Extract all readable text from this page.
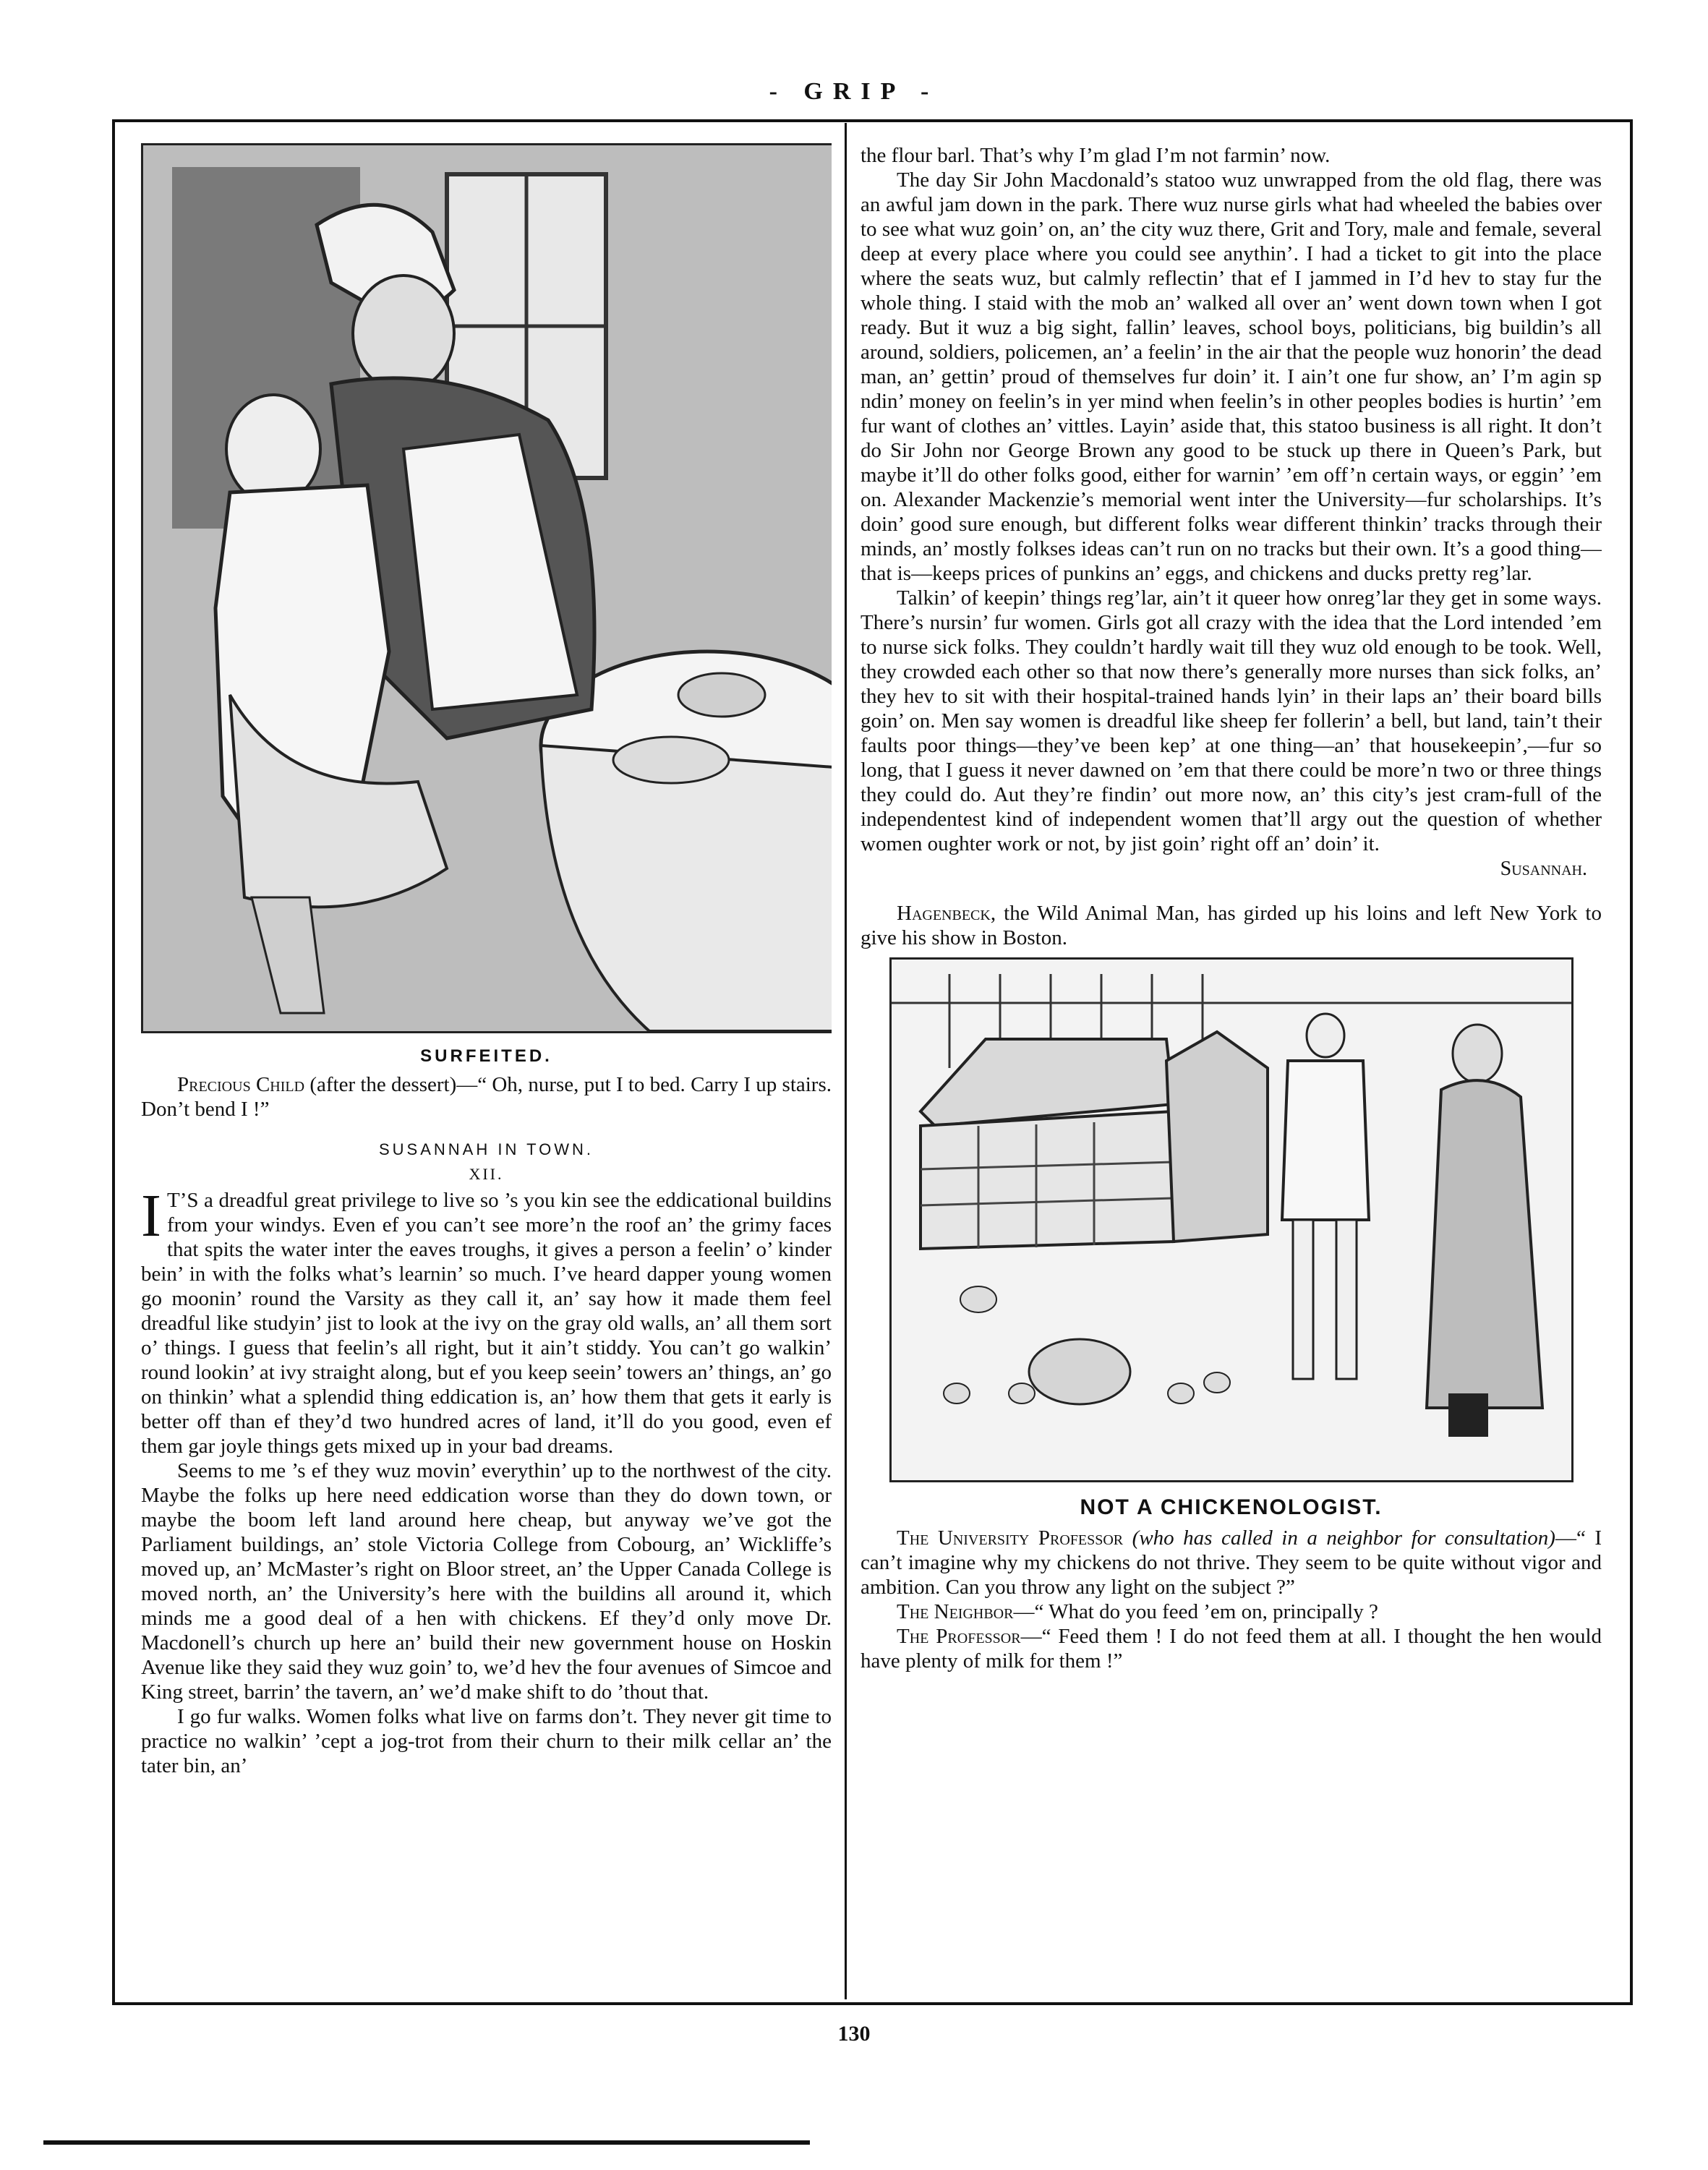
- GRIP -
SURFEITED.

Precious Child (after the dessert)—“ Oh, nurse, put I to bed. Carry I up stairs. Don’t bend I !”

SUSANNAH IN TOWN.
XII.

I T’S a dreadful great privilege to live so ’s you kin see the eddicational buildins from your windys. Even ef you can’t see more’n the roof an’ the grimy faces that spits the water inter the eaves troughs, it gives a person a feelin’ o’ kinder bein’ in with the folks what’s learnin’ so much. I’ve heard dapper young women go moonin’ round the Varsity as they call it, an’ say how it made them feel dreadful like studyin’ jist to look at the ivy on the gray old walls, an’ all them sort o’ things. I guess that feelin’s all right, but it ain’t stiddy. You can’t go walkin’ round lookin’ at ivy straight along, but ef you keep seein’ towers an’ things, an’ go on thinkin’ what a splendid thing eddication is, an’ how them that gets it early is better off than ef they’d two hundred acres of land, it’ll do you good, even ef them gar joyle things gets mixed up in your bad dreams.

Seems to me ’s ef they wuz movin’ everythin’ up to the northwest of the city. Maybe the folks up here need eddication worse than they do down town, or maybe the boom left land around here cheap, but anyway we’ve got the Parliament buildings, an’ stole Victoria College from Cobourg, an’ Wickliffe’s moved up, an’ McMaster’s right on Bloor street, an’ the Upper Canada College is moved north, an’ the University’s here with the buildins all around it, which minds me a good deal of a hen with chickens. Ef they’d only move Dr. Macdonell’s church up here an’ build their new government house on Hoskin Avenue like they said they wuz goin’ to, we’d hev the four avenues of Simcoe and King street, barrin’ the tavern, an’ we’d make shift to do ’thout that.

I go fur walks. Women folks what live on farms don’t. They never git time to practice no walkin’ ’cept a jog-trot from their churn to their milk cellar an’ the tater bin, an’

the flour barl. That’s why I’m glad I’m not farmin’ now.

The day Sir John Macdonald’s statoo wuz unwrapped from the old flag, there was an awful jam down in the park. There wuz nurse girls what had wheeled the babies over to see what wuz goin’ on, an’ the city wuz there, Grit and Tory, male and female, several deep at every place where you could see anythin’. I had a ticket to git into the place where the seats wuz, but calmly reflectin’ that ef I jammed in I’d hev to stay fur the whole thing. I staid with the mob an’ walked all over an’ went down town when I got ready. But it wuz a big sight, fallin’ leaves, school boys, politicians, big buildin’s all around, soldiers, policemen, an’ a feelin’ in the air that the people wuz honorin’ the dead man, an’ gettin’ proud of themselves fur doin’ it. I ain’t one fur show, an’ I’m agin sp ndin’ money on feelin’s in yer mind when feelin’s in other peoples bodies is hurtin’ ’em fur want of clothes an’ vittles. Layin’ aside that, this statoo business is all right. It don’t do Sir John nor George Brown any good to be stuck up there in Queen’s Park, but maybe it’ll do other folks good, either for warnin’ ’em off’n certain ways, or eggin’ ’em on. Alexander Mackenzie’s memorial went inter the University—fur scholarships. It’s doin’ good sure enough, but different folks wear different thinkin’ tracks through their minds, an’ mostly folkses ideas can’t run on no tracks but their own. It’s a good thing—that is—keeps prices of punkins an’ eggs, and chickens and ducks pretty reg’lar.

Talkin’ of keepin’ things reg’lar, ain’t it queer how onreg’lar they get in some ways. There’s nursin’ fur women. Girls got all crazy with the idea that the Lord intended ’em to nurse sick folks. They couldn’t hardly wait till they wuz old enough to be took. Well, they crowded each other so that now there’s generally more nurses than sick folks, an’ they hev to sit with their hospital-trained hands lyin’ in their laps an’ their board bills goin’ on. Men say women is dreadful like sheep fer follerin’ a bell, but land, tain’t their faults poor things—they’ve been kep’ at one thing—an’ that housekeepin’,—fur so long, that I guess it never dawned on ’em that there could be more’n two or three things they could do. Aut they’re findin’ out more now, an’ this city’s jest cram-full of the independentest kind of independent women that’ll argy out the question of whether women oughter work or not, by jist goin’ right off an’ doin’ it.

Susannah.

Hagenbeck, the Wild Animal Man, has girded up his loins and left New York to give his show in Boston.

NOT A CHICKENOLOGIST.

The University Professor (who has called in a neighbor for consultation)—“ I can’t imagine why my chickens do not thrive. They seem to be quite without vigor and ambition. Can you throw any light on the subject ?”

The Neighbor—“ What do you feed ’em on, principally ?

The Professor—“ Feed them ! I do not feed them at all. I thought the hen would have plenty of milk for them !”

130
